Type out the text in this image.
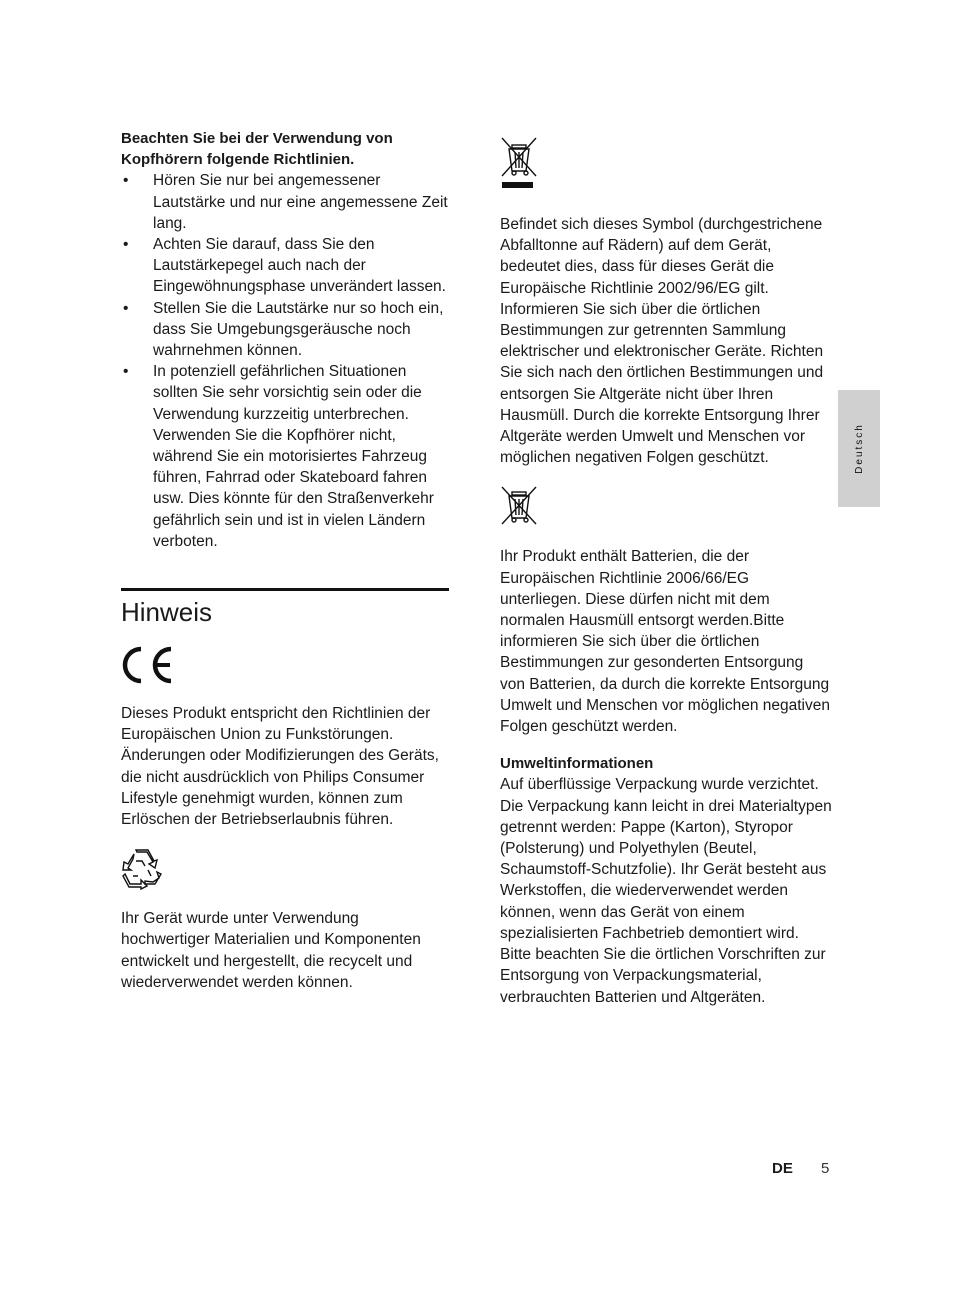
Beachten Sie bei der Verwendung von Kopfhörern folgende Richtlinien.
• Hören Sie nur bei angemessener Lautstärke und nur eine angemessene Zeit lang.
• Achten Sie darauf, dass Sie den Lautstärkepegel auch nach der Eingewöhnungsphase unverändert lassen.
• Stellen Sie die Lautstärke nur so hoch ein, dass Sie Umgebungsgeräusche noch wahrnehmen können.
• In potenziell gefährlichen Situationen sollten Sie sehr vorsichtig sein oder die Verwendung kurzzeitig unterbrechen. Verwenden Sie die Kopfhörer nicht, während Sie ein motorisiertes Fahrzeug führen, Fahrrad oder Skateboard fahren usw. Dies könnte für den Straßenverkehr gefährlich sein und ist in vielen Ländern verboten.
Hinweis

Dieses Produkt entspricht den Richtlinien der Europäischen Union zu Funkstörungen. Änderungen oder Modifizierungen des Geräts, die nicht ausdrücklich von Philips Consumer Lifestyle genehmigt wurden, können zum Erlöschen der Betriebserlaubnis führen.

Ihr Gerät wurde unter Verwendung hochwertiger Materialien und Komponenten entwickelt und hergestellt, die recycelt und wiederverwendet werden können.

Befindet sich dieses Symbol (durchgestrichene Abfalltonne auf Rädern) auf dem Gerät, bedeutet dies, dass für dieses Gerät die Europäische Richtlinie 2002/96/EG gilt. Informieren Sie sich über die örtlichen Bestimmungen zur getrennten Sammlung elektrischer und elektronischer Geräte. Richten Sie sich nach den örtlichen Bestimmungen und entsorgen Sie Altgeräte nicht über Ihren Hausmüll. Durch die korrekte Entsorgung Ihrer Altgeräte werden Umwelt und Menschen vor möglichen negativen Folgen geschützt.

Ihr Produkt enthält Batterien, die der Europäischen Richtlinie 2006/66/EG unterliegen. Diese dürfen nicht mit dem normalen Hausmüll entsorgt werden.Bitte informieren Sie sich über die örtlichen Bestimmungen zur gesonderten Entsorgung von Batterien, da durch die korrekte Entsorgung Umwelt und Menschen vor möglichen negativen Folgen geschützt werden.

Umweltinformationen

Auf überflüssige Verpackung wurde verzichtet. Die Verpackung kann leicht in drei Materialtypen getrennt werden: Pappe (Karton), Styropor (Polsterung) und Polyethylen (Beutel, Schaumstoff-Schutzfolie). Ihr Gerät besteht aus Werkstoffen, die wiederverwendet werden können, wenn das Gerät von einem spezialisierten Fachbetrieb demontiert wird. Bitte beachten Sie die örtlichen Vorschriften zur Entsorgung von Verpackungsmaterial, verbrauchten Batterien und Altgeräten.

Deutsch
DE 5
